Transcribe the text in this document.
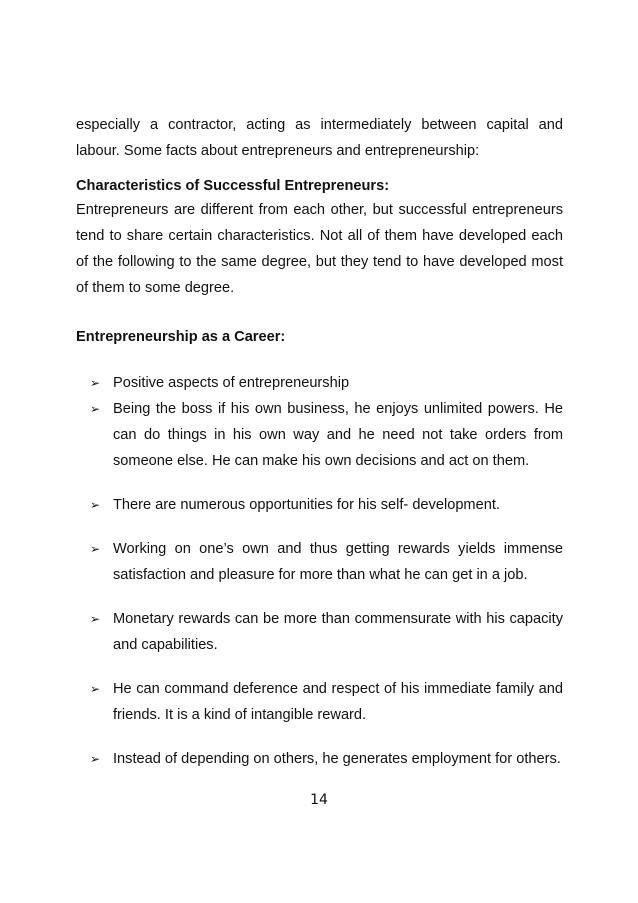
especially a contractor, acting as intermediately between capital and labour. Some facts about entrepreneurs and entrepreneurship:

Characteristics of Successful Entrepreneurs:

Entrepreneurs are different from each other, but successful entrepreneurs tend to share certain characteristics. Not all of them have developed each of the following to the same degree, but they tend to have developed most of them to some degree.

Entrepreneurship as a Career:

➢ Positive aspects of entrepreneurship
➢ Being the boss if his own business, he enjoys unlimited powers. He can do things in his own way and he need not take orders from someone else. He can make his own decisions and act on them.
➢ There are numerous opportunities for his self- development.
➢ Working on one’s own and thus getting rewards yields immense satisfaction and pleasure for more than what he can get in a job.
➢ Monetary rewards can be more than commensurate with his capacity and capabilities.
➢ He can command deference and respect of his immediate family and friends. It is a kind of intangible reward.
➢ Instead of depending on others, he generates employment for others.

14
